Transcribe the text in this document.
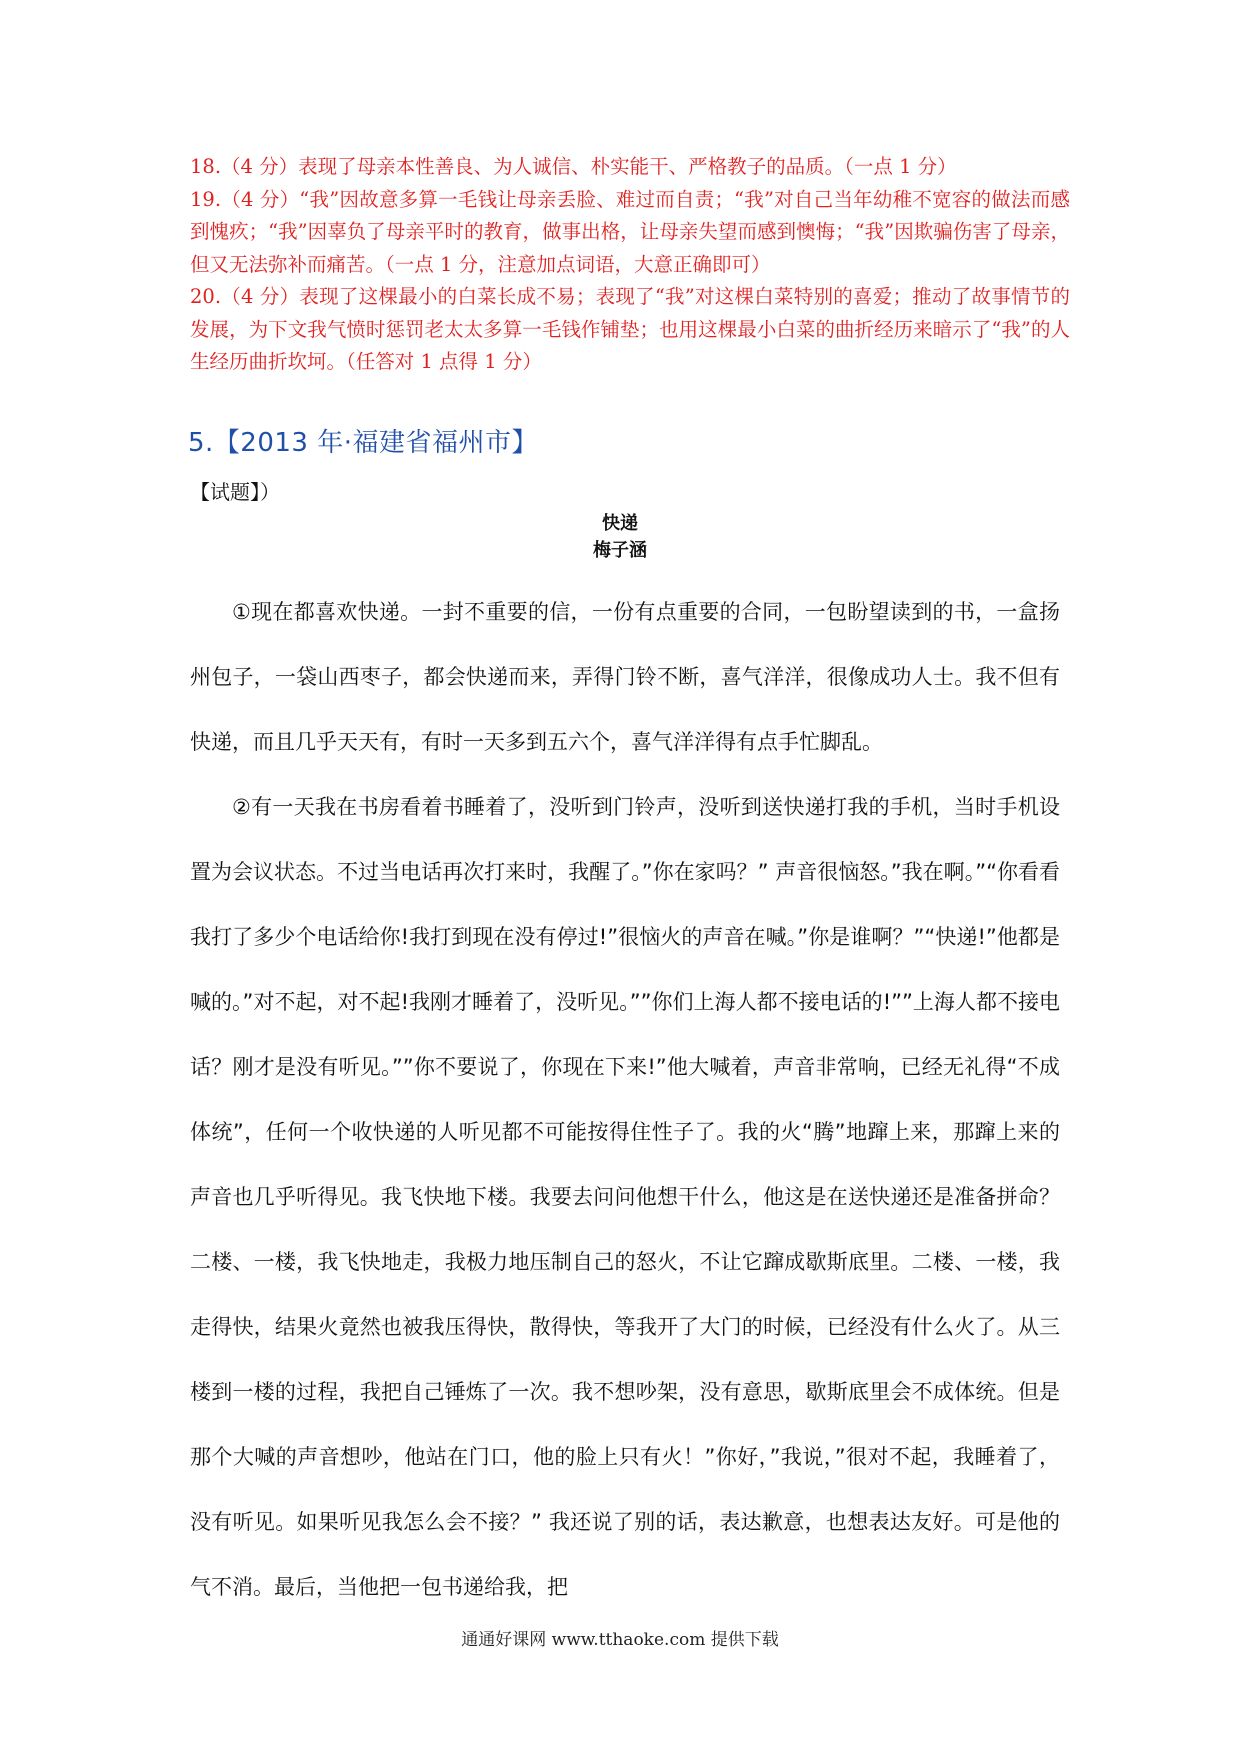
18.（4 分）表现了母亲本性善良、为人诚信、朴实能干、严格教子的品质。（一点 1 分）

19.（4 分）“我”因故意多算一毛钱让母亲丢脸、难过而自责；“我”对自己当年幼稚不宽容的做法而感到愧疚；“我”因辜负了母亲平时的教育，做事出格，让母亲失望而感到懊悔；“我”因欺骗伤害了母亲，但又无法弥补而痛苦。（一点 1 分，注意加点词语，大意正确即可）

20.（4 分）表现了这棵最小的白菜长成不易；表现了“我”对这棵白菜特别的喜爱；推动了故事情节的发展，为下文我气愤时惩罚老太太多算一毛钱作铺垫；也用这棵最小白菜的曲折经历来暗示了“我”的人生经历曲折坎坷。（任答对 1 点得 1 分）

5.【2013 年·福建省福州市】

【试题】）

快递
梅子涵

①现在都喜欢快递。一封不重要的信，一份有点重要的合同，一包盼望读到的书，一盒扬州包子，一袋山西枣子，都会快递而来，弄得门铃不断，喜气洋洋，很像成功人士。我不但有快递，而且几乎天天有，有时一天多到五六个，喜气洋洋得有点手忙脚乱。

②有一天我在书房看着书睡着了，没听到门铃声，没听到送快递打我的手机，当时手机设置为会议状态。不过当电话再次打来时，我醒了。”你在家吗？” 声音很恼怒。”我在啊。”“你看看我打了多少个电话给你!我打到现在没有停过!”很恼火的声音在喊。”你是谁啊？”“快递!”他都是喊的。”对不起，对不起!我刚才睡着了，没听见。””你们上海人都不接电话的!””上海人都不接电话？刚才是没有听见。””你不要说了，你现在下来!”他大喊着，声音非常响，已经无礼得“不成体统”，任何一个收快递的人听见都不可能按得住性子了。我的火“腾”地蹿上来，那蹿上来的声音也几乎听得见。我飞快地下楼。我要去问问他想干什么，他这是在送快递还是准备拼命？二楼、一楼，我飞快地走，我极力地压制自己的怒火，不让它蹿成歇斯底里。二楼、一楼，我走得快，结果火竟然也被我压得快，散得快，等我开了大门的时候，已经没有什么火了。从三楼到一楼的过程，我把自己锤炼了一次。我不想吵架，没有意思，歇斯底里会不成体统。但是那个大喊的声音想吵，他站在门口，他的脸上只有火！”你好，”我说，”很对不起，我睡着了，没有听见。如果听见我怎么会不接？” 我还说了别的话，表达歉意，也想表达友好。可是他的气不消。最后，当他把一包书递给我，把

通通好课网 www.tthaoke.com 提供下载
